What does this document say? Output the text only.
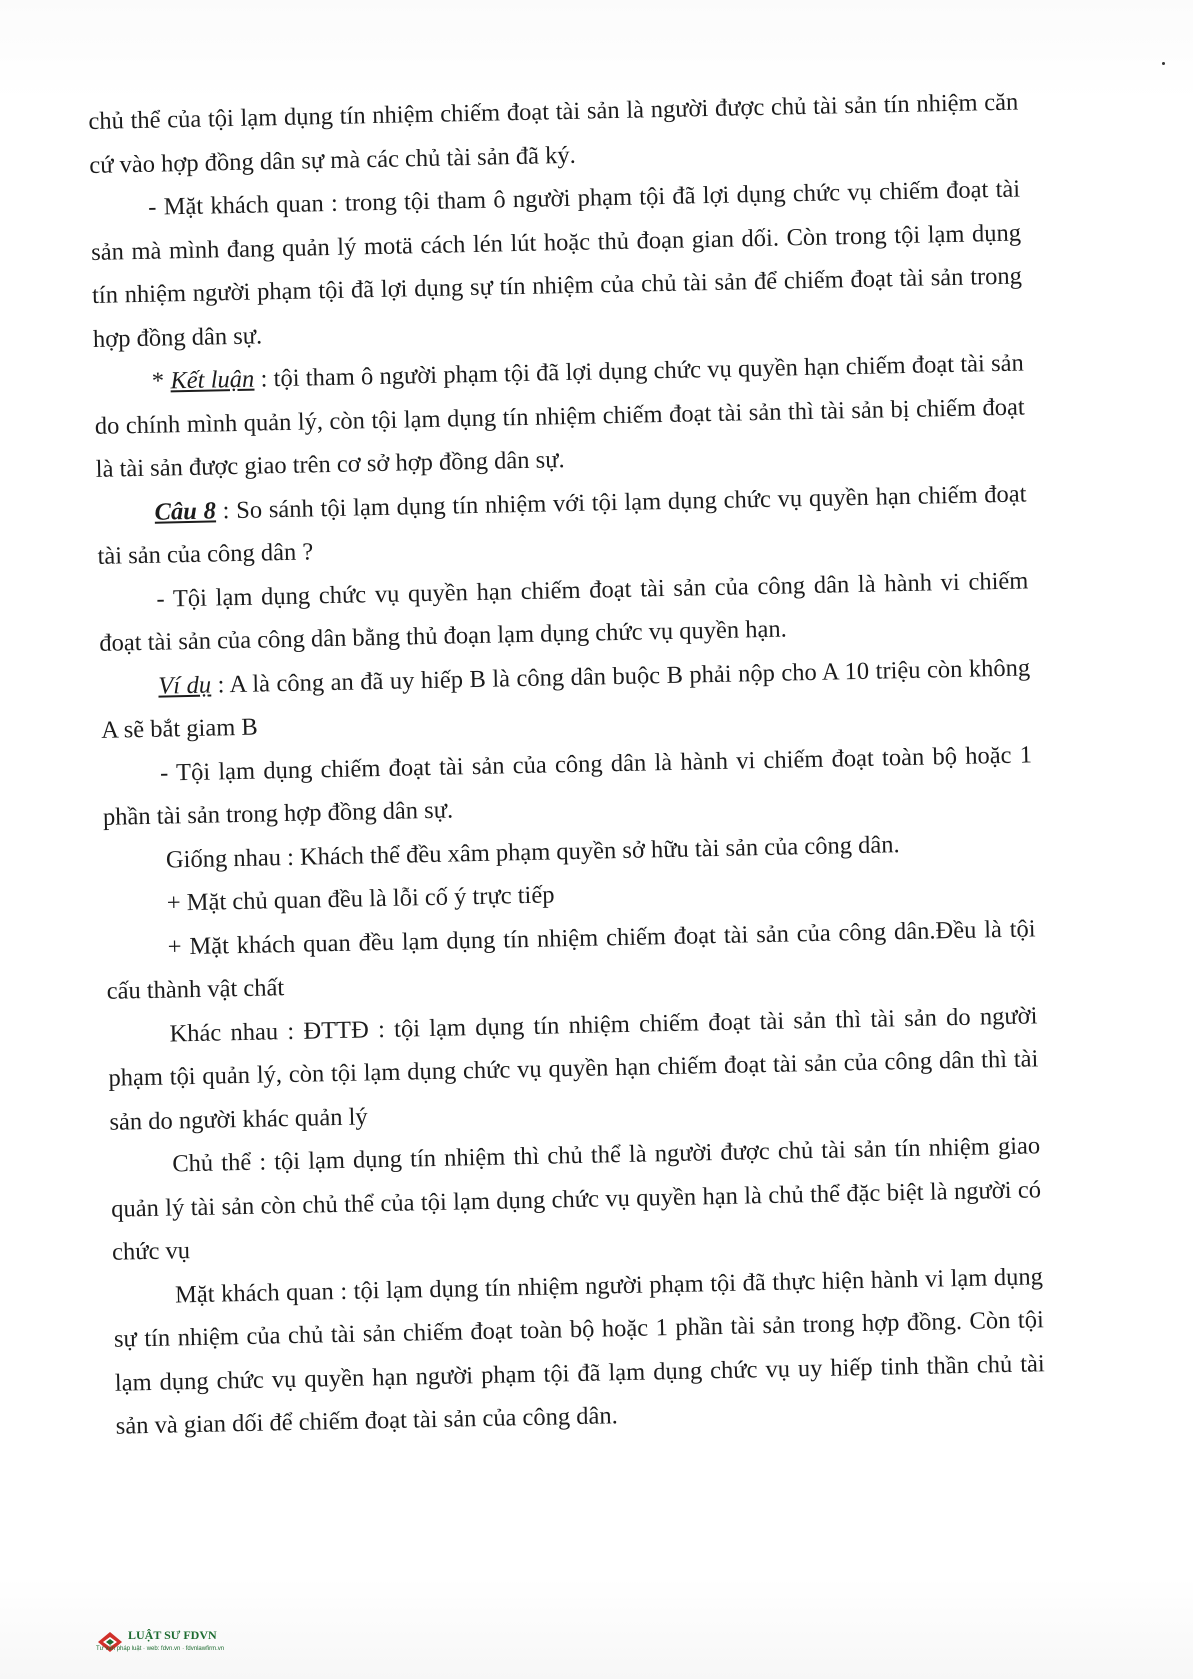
chủ thể của tội lạm dụng tín nhiệm chiếm đoạt tài sản là người được chủ tài sản tín nhiệm căn cứ vào hợp đồng dân sự mà các chủ tài sản đã ký.

- Mặt khách quan : trong tội tham ô người phạm tội đã lợi dụng chức vụ chiếm đoạt tài sản mà mình đang quản lý motä cách lén lút hoặc thủ đoạn gian dối. Còn trong tội lạm dụng tín nhiệm người phạm tội đã lợi dụng sự tín nhiệm của chủ tài sản để chiếm đoạt tài sản trong hợp đồng dân sự.

* Kết luận : tội tham ô người phạm tội đã lợi dụng chức vụ quyền hạn chiếm đoạt tài sản do chính mình quản lý, còn tội lạm dụng tín nhiệm chiếm đoạt tài sản thì tài sản bị chiếm đoạt là tài sản được giao trên cơ sở hợp đồng dân sự.

Câu 8 : So sánh tội lạm dụng tín nhiệm với tội lạm dụng chức vụ quyền hạn chiếm đoạt tài sản của công dân ?

- Tội lạm dụng chức vụ quyền hạn chiếm đoạt tài sản của công dân là hành vi chiếm đoạt tài sản của công dân bằng thủ đoạn lạm dụng chức vụ quyền hạn.

Ví dụ : A là công an đã uy hiếp B là công dân buộc B phải nộp cho A 10 triệu còn không A sẽ bắt giam B

- Tội lạm dụng chiếm đoạt tài sản của công dân là hành vi chiếm đoạt toàn bộ hoặc 1 phần tài sản trong hợp đồng dân sự.

Giống nhau : Khách thể đều xâm phạm quyền sở hữu tài sản của công dân.

+ Mặt chủ quan đều là lỗi cố ý trực tiếp

+ Mặt khách quan đều lạm dụng tín nhiệm chiếm đoạt tài sản của công dân.Đều là tội cấu thành vật chất

Khác nhau : ĐTTĐ : tội lạm dụng tín nhiệm chiếm đoạt tài sản thì tài sản do người phạm tội quản lý, còn tội lạm dụng chức vụ quyền hạn chiếm đoạt tài sản của công dân thì tài sản do người khác quản lý

Chủ thể : tội lạm dụng tín nhiệm thì chủ thể là người được chủ tài sản tín nhiệm giao quản lý tài sản còn chủ thể của tội lạm dụng chức vụ quyền hạn là chủ thể đặc biệt là người có chức vụ

Mặt khách quan : tội lạm dụng tín nhiệm người phạm tội đã thực hiện hành vi lạm dụng sự tín nhiệm của chủ tài sản chiếm đoạt toàn bộ hoặc 1 phần tài sản trong hợp đồng. Còn tội lạm dụng chức vụ quyền hạn người phạm tội đã lạm dụng chức vụ uy hiếp tinh thần chủ tài sản và gian dối để chiếm đoạt tài sản của công dân.

LUẬT SƯ FDVN
Tư vấn pháp luật · web: fdvn.vn · fdvnlawfirm.vn
